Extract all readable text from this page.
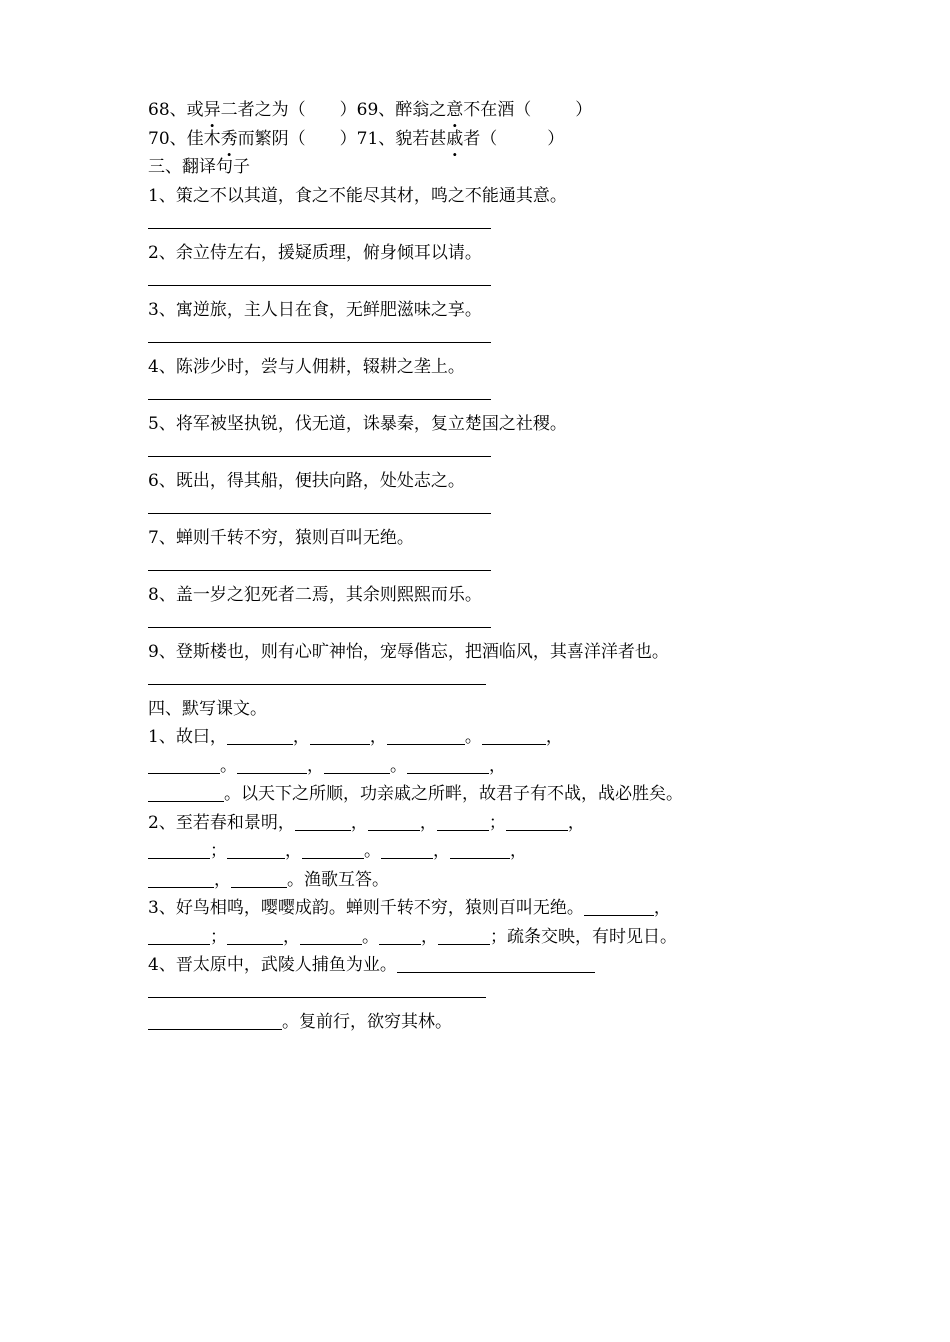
68、或异二者之为（ ）69、醉翁之意不在酒（	）
70、佳木秀而繁阴（ ）71、貌若甚戚者（	）
三、翻译句子
1、策之不以其道，食之不能尽其材，鸣之不能通其意。
2、余立侍左右，援疑质理，俯身倾耳以请。
3、寓逆旅，主人日在食，无鲜肥滋味之享。
4、陈涉少时，尝与人佣耕，辍耕之垄上。
5、将军被坚执锐，伐无道，诛暴秦，复立楚国之社稷。
6、既出，得其船，便扶向路，处处志之。
7、蝉则千转不穷，猿则百叫无绝。
8、盖一岁之犯死者二焉，其余则熙熙而乐。
9、登斯楼也，则有心旷神怡，宠辱偕忘，把酒临风，其喜洋洋者也。
四、默写课文。
1、故曰，	，	，	。	，
。	，	。	，
。以天下之所顺，功亲戚之所畔，故君子有不战，战必胜矣。
2、至若春和景明，	，	，	；	，
；	，	。	，	，
，	。渔歌互答。
3、好鸟相鸣，嘤嘤成韵。蝉则千转不穷，猿则百叫无绝。	，
；	，	。 ，	；疏条交映，有时见日。
4、晋太原中，武陵人捕鱼为业。
。复前行，欲穷其林。
